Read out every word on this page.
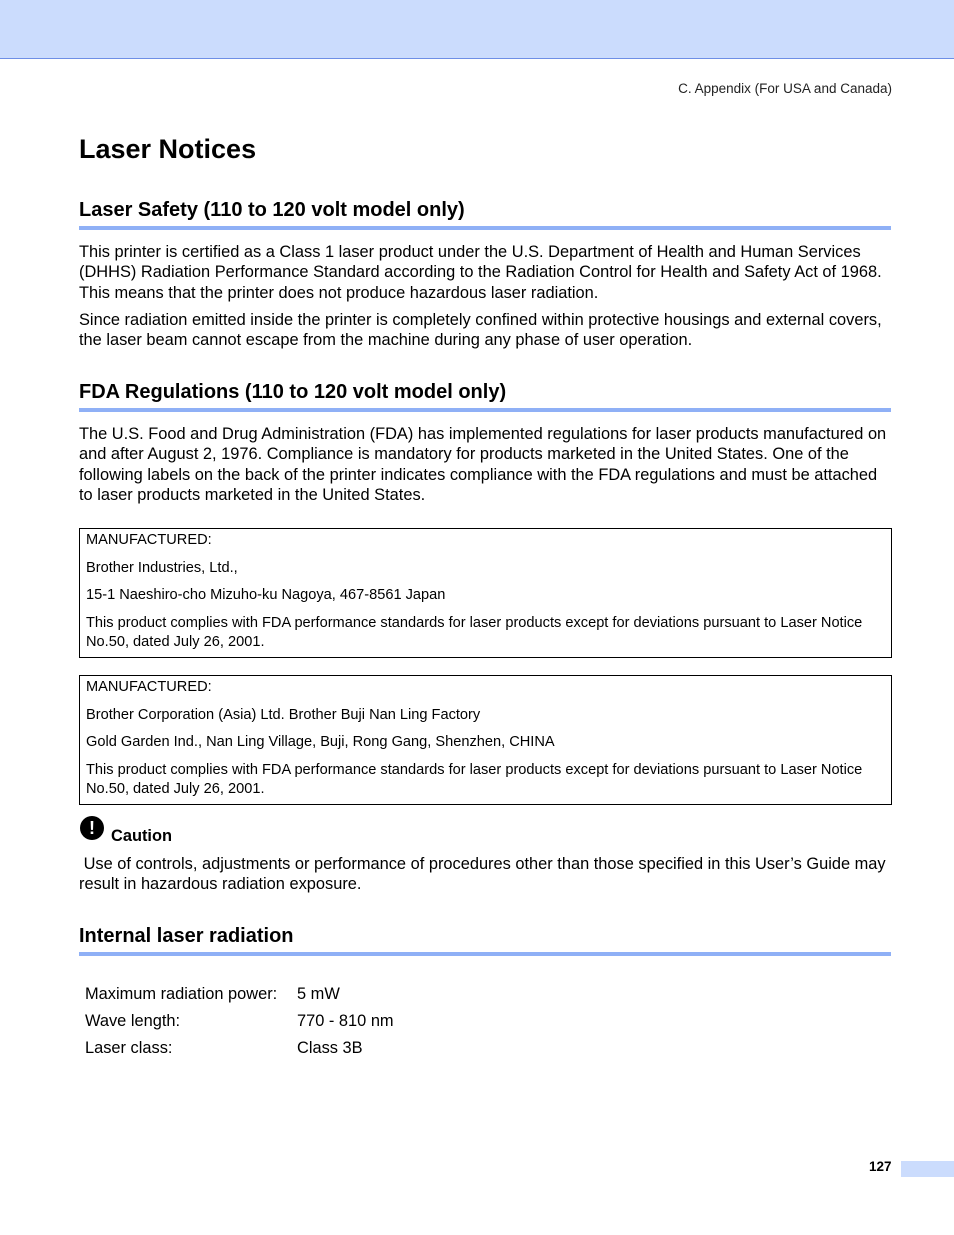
C. Appendix (For USA and Canada)
Laser Notices
Laser Safety (110 to 120 volt model only)

This printer is certified as a Class 1 laser product under the U.S. Department of Health and Human Services (DHHS) Radiation Performance Standard according to the Radiation Control for Health and Safety Act of 1968. This means that the printer does not produce hazardous laser radiation.

Since radiation emitted inside the printer is completely confined within protective housings and external covers, the laser beam cannot escape from the machine during any phase of user operation.

FDA Regulations (110 to 120 volt model only)

The U.S. Food and Drug Administration (FDA) has implemented regulations for laser products manufactured on and after August 2, 1976. Compliance is mandatory for products marketed in the United States. One of the following labels on the back of the printer indicates compliance with the FDA regulations and must be attached to laser products marketed in the United States.

MANUFACTURED:

Brother Industries, Ltd.,

15-1 Naeshiro-cho Mizuho-ku Nagoya, 467-8561 Japan

This product complies with FDA performance standards for laser products except for deviations pursuant to Laser Notice No.50, dated July 26, 2001.

MANUFACTURED:

Brother Corporation (Asia) Ltd. Brother Buji Nan Ling Factory

Gold Garden Ind., Nan Ling Village, Buji, Rong Gang, Shenzhen, CHINA

This product complies with FDA performance standards for laser products except for deviations pursuant to Laser Notice No.50, dated July 26, 2001.

! Caution

Use of controls, adjustments or performance of procedures other than those specified in this User’s Guide may result in hazardous radiation exposure.

Internal laser radiation
Maximum radiation power:	5 mW
Wave length:	770 - 810 nm
Laser class:	Class 3B
127
